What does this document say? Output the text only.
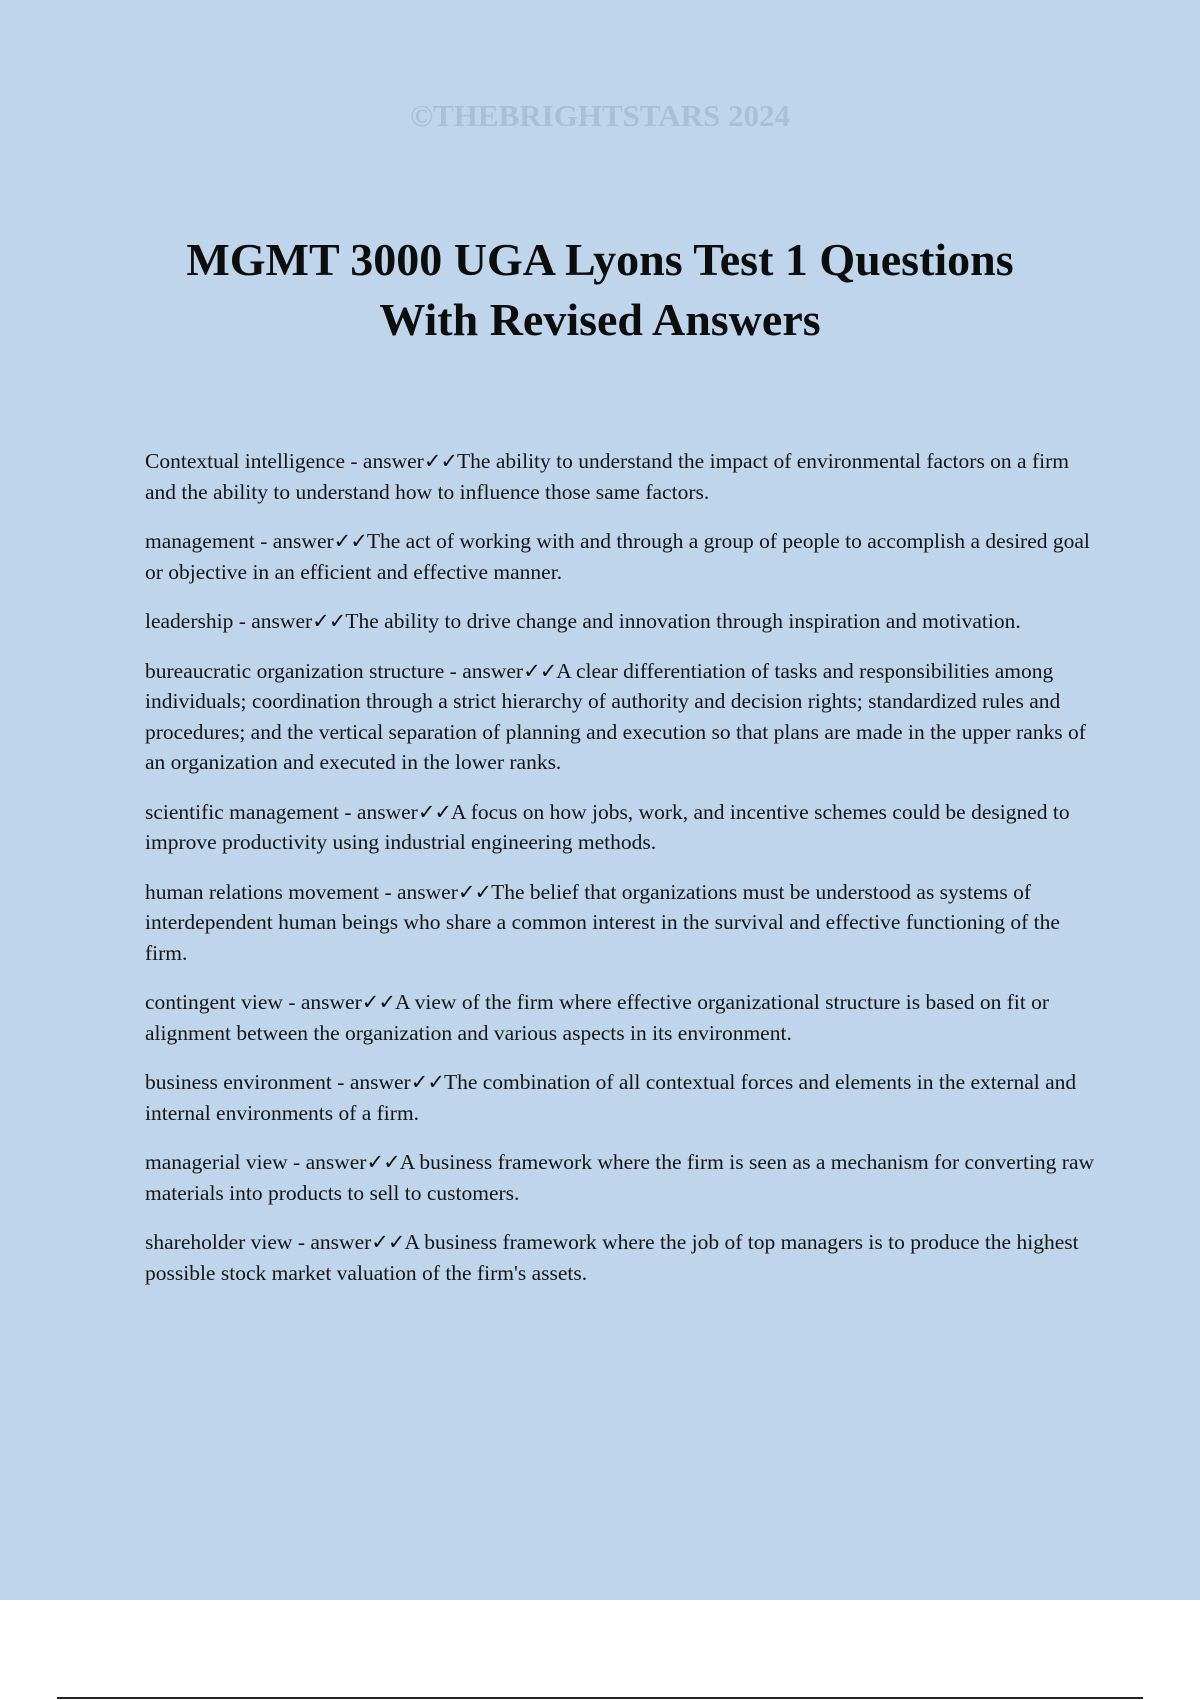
©THEBRIGHTSTARS 2024
MGMT 3000 UGA Lyons Test 1 Questions
With Revised Answers

Contextual intelligence - answer✓✓The ability to understand the impact of environmental factors on a firm and the ability to understand how to influence those same factors.

management - answer✓✓The act of working with and through a group of people to accomplish a desired goal or objective in an efficient and effective manner.

leadership - answer✓✓The ability to drive change and innovation through inspiration and motivation.

bureaucratic organization structure - answer✓✓A clear differentiation of tasks and responsibilities among individuals; coordination through a strict hierarchy of authority and decision rights; standardized rules and procedures; and the vertical separation of planning and execution so that plans are made in the upper ranks of an organization and executed in the lower ranks.

scientific management - answer✓✓A focus on how jobs, work, and incentive schemes could be designed to improve productivity using industrial engineering methods.

human relations movement - answer✓✓The belief that organizations must be understood as systems of interdependent human beings who share a common interest in the survival and effective functioning of the firm.

contingent view - answer✓✓A view of the firm where effective organizational structure is based on fit or alignment between the organization and various aspects in its environment.

business environment - answer✓✓The combination of all contextual forces and elements in the external and internal environments of a firm.

managerial view - answer✓✓A business framework where the firm is seen as a mechanism for converting raw materials into products to sell to customers.

shareholder view - answer✓✓A business framework where the job of top managers is to produce the highest possible stock market valuation of the firm's assets.
